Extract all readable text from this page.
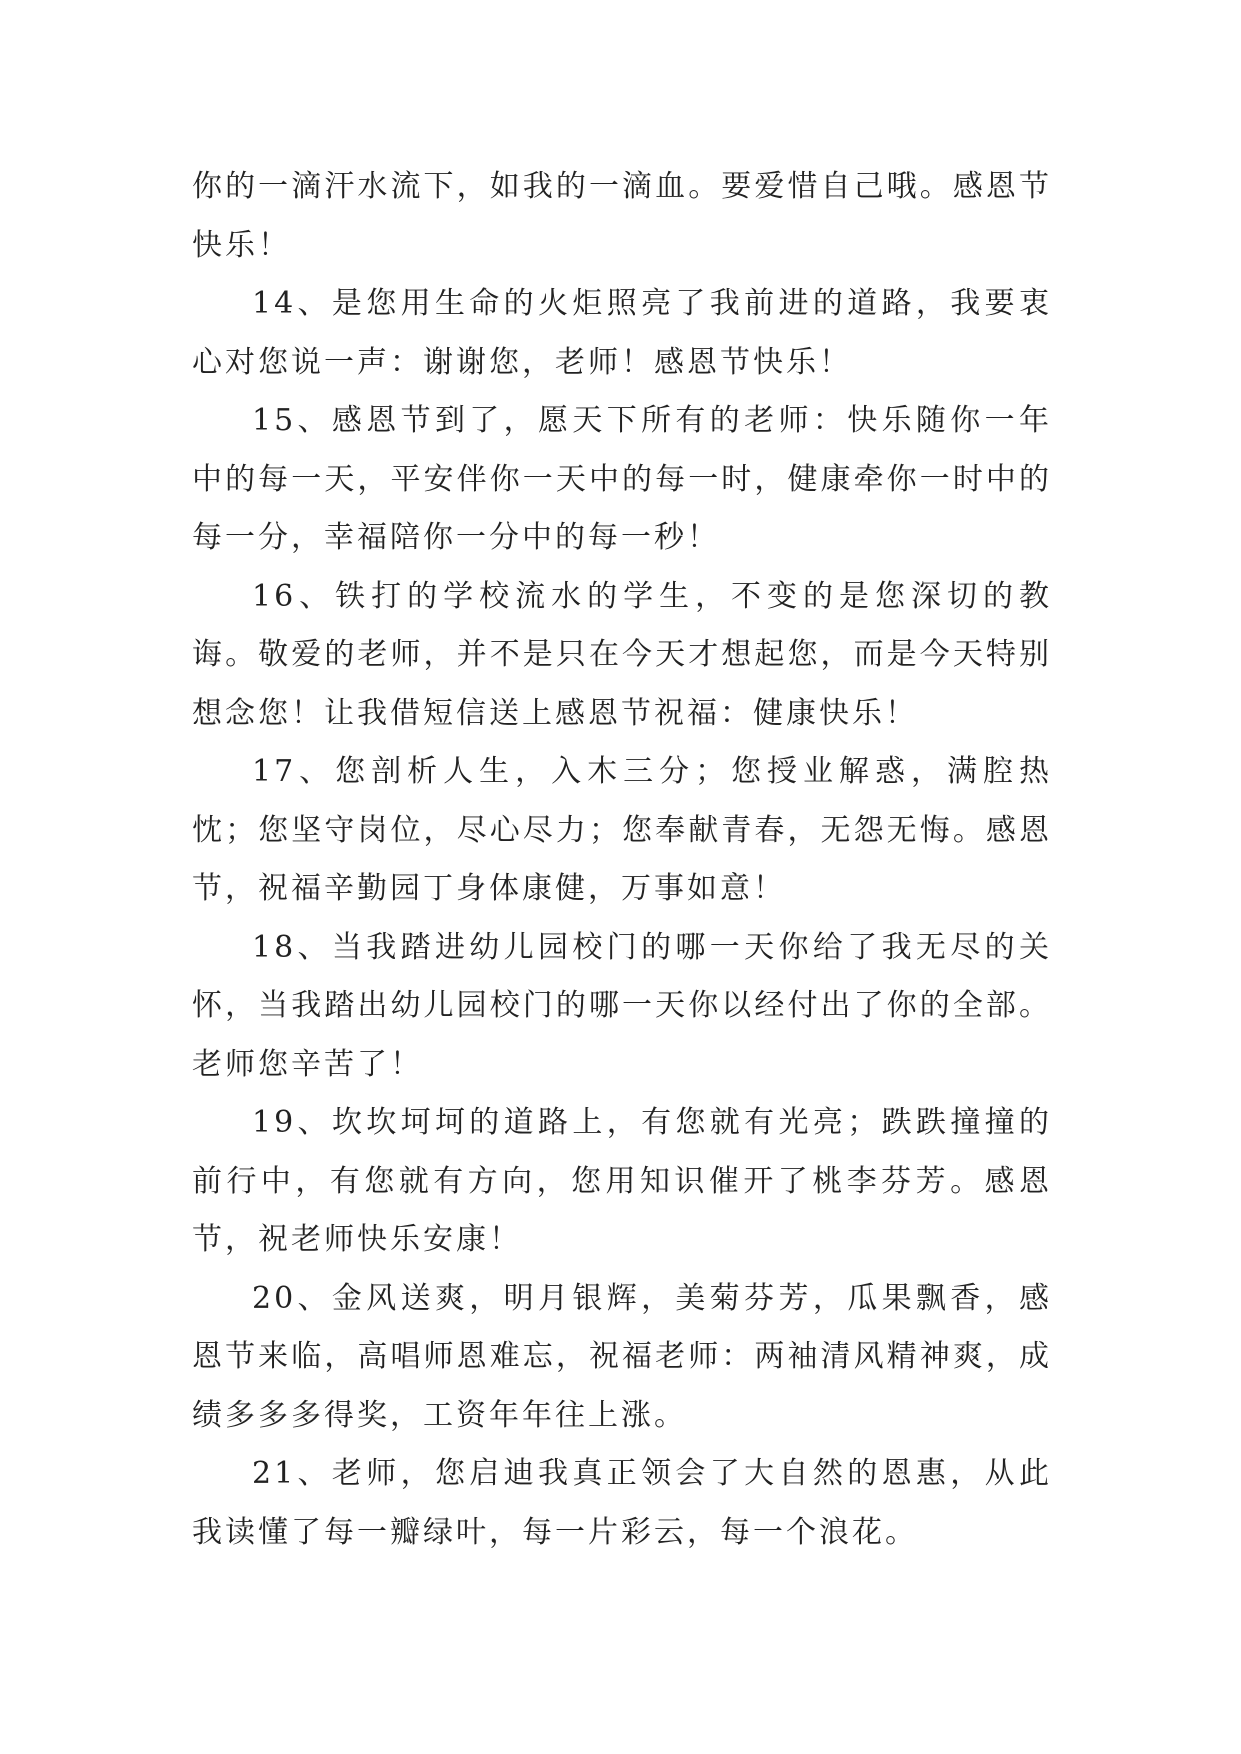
你的一滴汗水流下，如我的一滴血。要爱惜自己哦。感恩节快乐！

14、是您用生命的火炬照亮了我前进的道路，我要衷心对您说一声：谢谢您，老师！感恩节快乐！

15、感恩节到了，愿天下所有的老师：快乐随你一年中的每一天，平安伴你一天中的每一时，健康牵你一时中的每一分，幸福陪你一分中的每一秒！

16、铁打的学校流水的学生，不变的是您深切的教诲。敬爱的老师，并不是只在今天才想起您，而是今天特别想念您！让我借短信送上感恩节祝福：健康快乐！

17、您剖析人生，入木三分；您授业解惑，满腔热忱；您坚守岗位，尽心尽力；您奉献青春，无怨无悔。感恩节，祝福辛勤园丁身体康健，万事如意！

18、当我踏进幼儿园校门的哪一天你给了我无尽的关怀，当我踏出幼儿园校门的哪一天你以经付出了你的全部。老师您辛苦了！

19、坎坎坷坷的道路上，有您就有光亮；跌跌撞撞的前行中，有您就有方向，您用知识催开了桃李芬芳。感恩节，祝老师快乐安康！

20、金风送爽，明月银辉，美菊芬芳，瓜果飘香，感恩节来临，高唱师恩难忘，祝福老师：两袖清风精神爽，成绩多多多得奖，工资年年往上涨。

21、老师，您启迪我真正领会了大自然的恩惠，从此我读懂了每一瓣绿叶，每一片彩云，每一个浪花。
